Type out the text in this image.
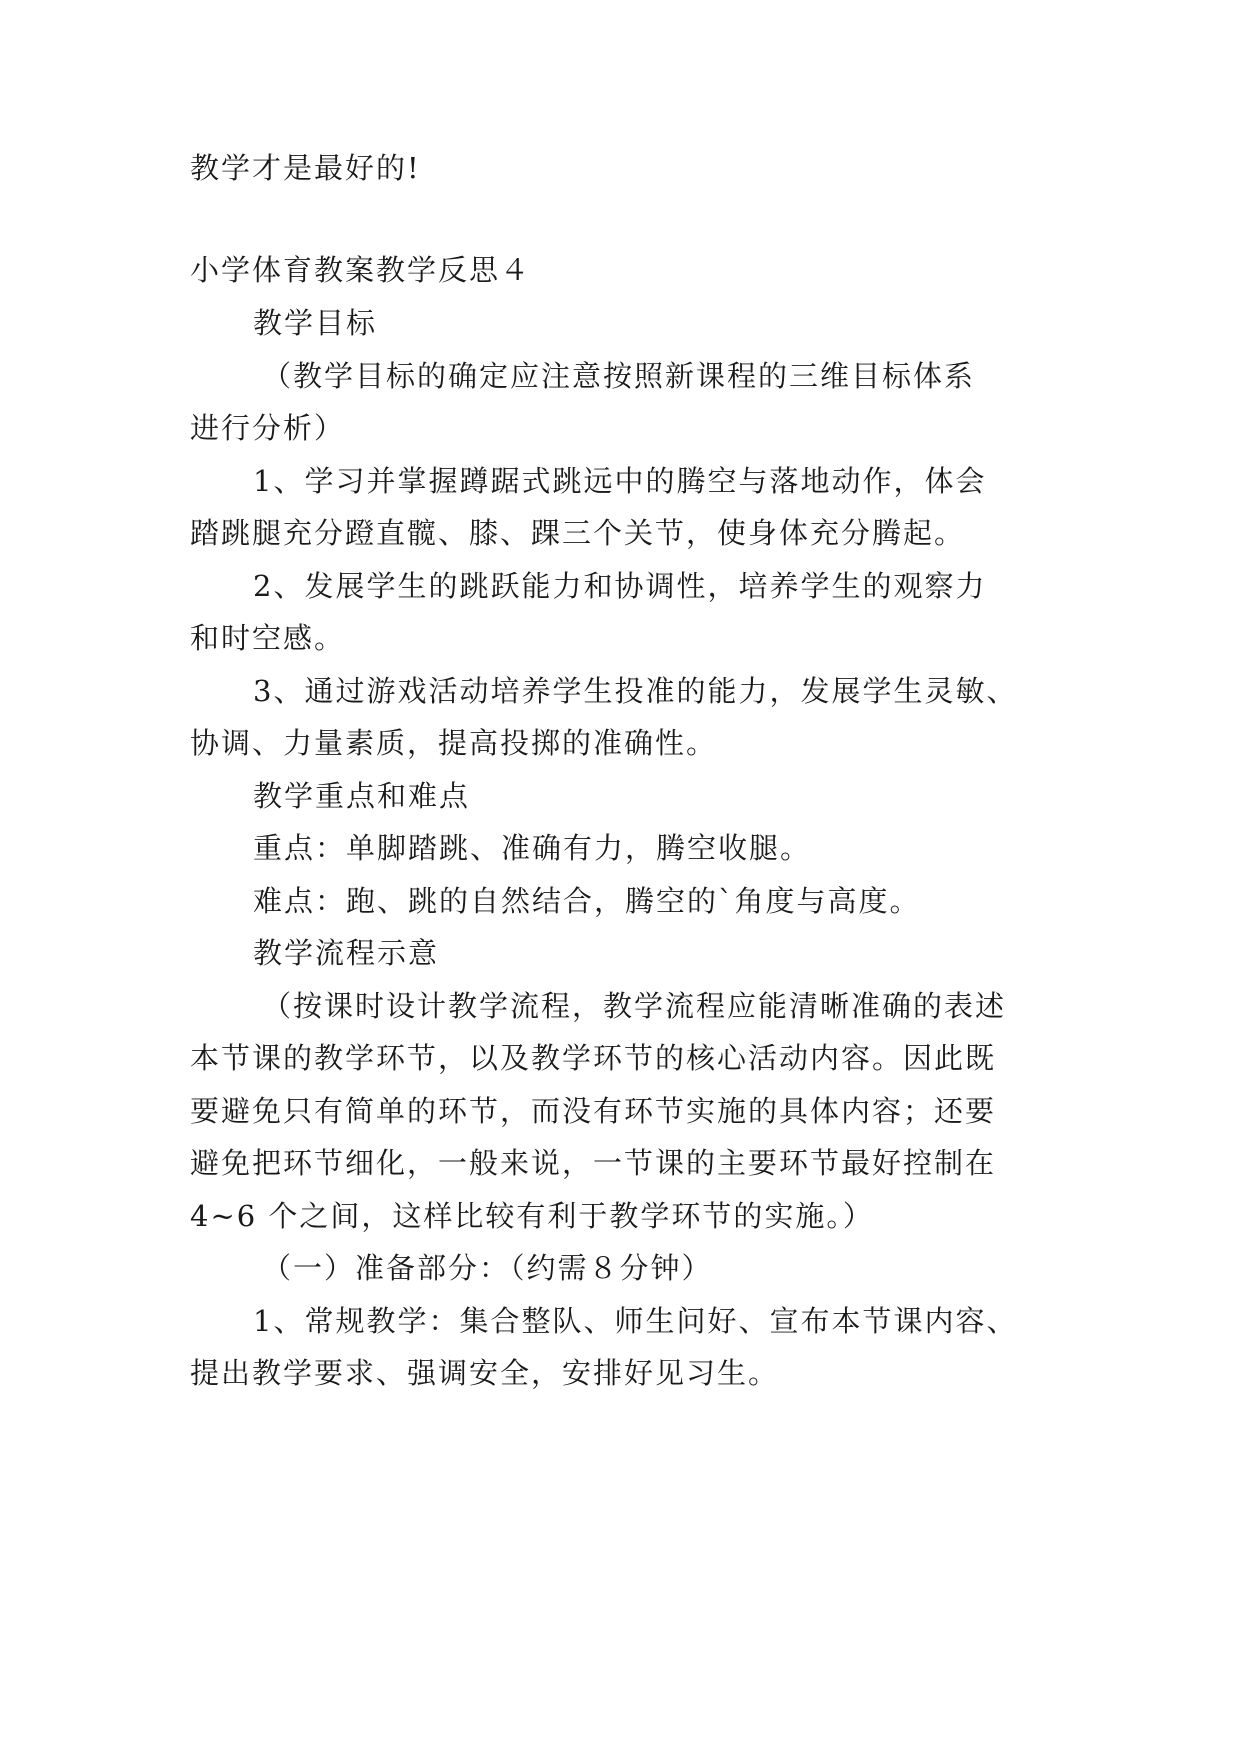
教学才是最好的!
小学体育教案教学反思４
教学目标
（教学目标的确定应注意按照新课程的三维目标体系
进行分析）
1、学习并掌握蹲踞式跳远中的腾空与落地动作，体会
踏跳腿充分蹬直髋、膝、踝三个关节，使身体充分腾起。
2、发展学生的跳跃能力和协调性，培养学生的观察力
和时空感。
3、通过游戏活动培养学生投准的能力，发展学生灵敏、
协调、力量素质，提高投掷的准确性。
教学重点和难点
重点：单脚踏跳、准确有力，腾空收腿。
难点：跑、跳的自然结合，腾空的`角度与高度。
教学流程示意
（按课时设计教学流程，教学流程应能清晰准确的表述
本节课的教学环节，以及教学环节的核心活动内容。因此既
要避免只有简单的环节，而没有环节实施的具体内容；还要
避免把环节细化，一般来说，一节课的主要环节最好控制在
4~6 个之间，这样比较有利于教学环节的实施。）
（一）准备部分：（约需８分钟）
1、常规教学：集合整队、师生问好、宣布本节课内容、
提出教学要求、强调安全，安排好见习生。
